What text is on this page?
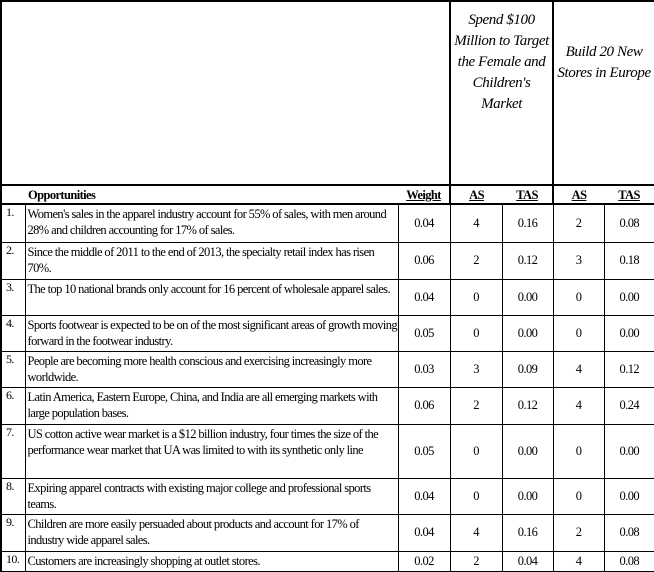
			Spend $100 Million to Target the Female and Children's Market		Build 20 New Stores in Europe	
Opportunities		Weight	AS	TAS	AS	TAS
1.	Women's sales in the apparel industry account for 55% of sales, with men around 28% and children accounting for 17% of sales.	0.04	4	0.16	2	0.08
2.	Since the middle of 2011 to the end of 2013, the specialty retail index has risen 70%.	0.06	2	0.12	3	0.18
3.	The top 10 national brands only account for 16 percent of wholesale apparel sales.	0.04	0	0.00	0	0.00
4.	Sports footwear is expected to be on of the most significant areas of growth moving forward in the footwear industry.	0.05	0	0.00	0	0.00
5.	People are becoming more health conscious and exercising increasingly more worldwide.	0.03	3	0.09	4	0.12
6.	Latin America, Eastern Europe, China, and India are all emerging markets with large population bases.	0.06	2	0.12	4	0.24
7.	US cotton active wear market is a $12 billion industry, four times the size of the performance wear market that UA was limited to with its synthetic only line	0.05	0	0.00	0	0.00
8.	Expiring apparel contracts with existing major college and professional sports teams.	0.04	0	0.00	0	0.00
9.	Children are more easily persuaded about products and account for 17% of industry wide apparel sales.	0.04	4	0.16	2	0.08
10.	Customers are increasingly shopping at outlet stores.	0.02	2	0.04	4	0.08
